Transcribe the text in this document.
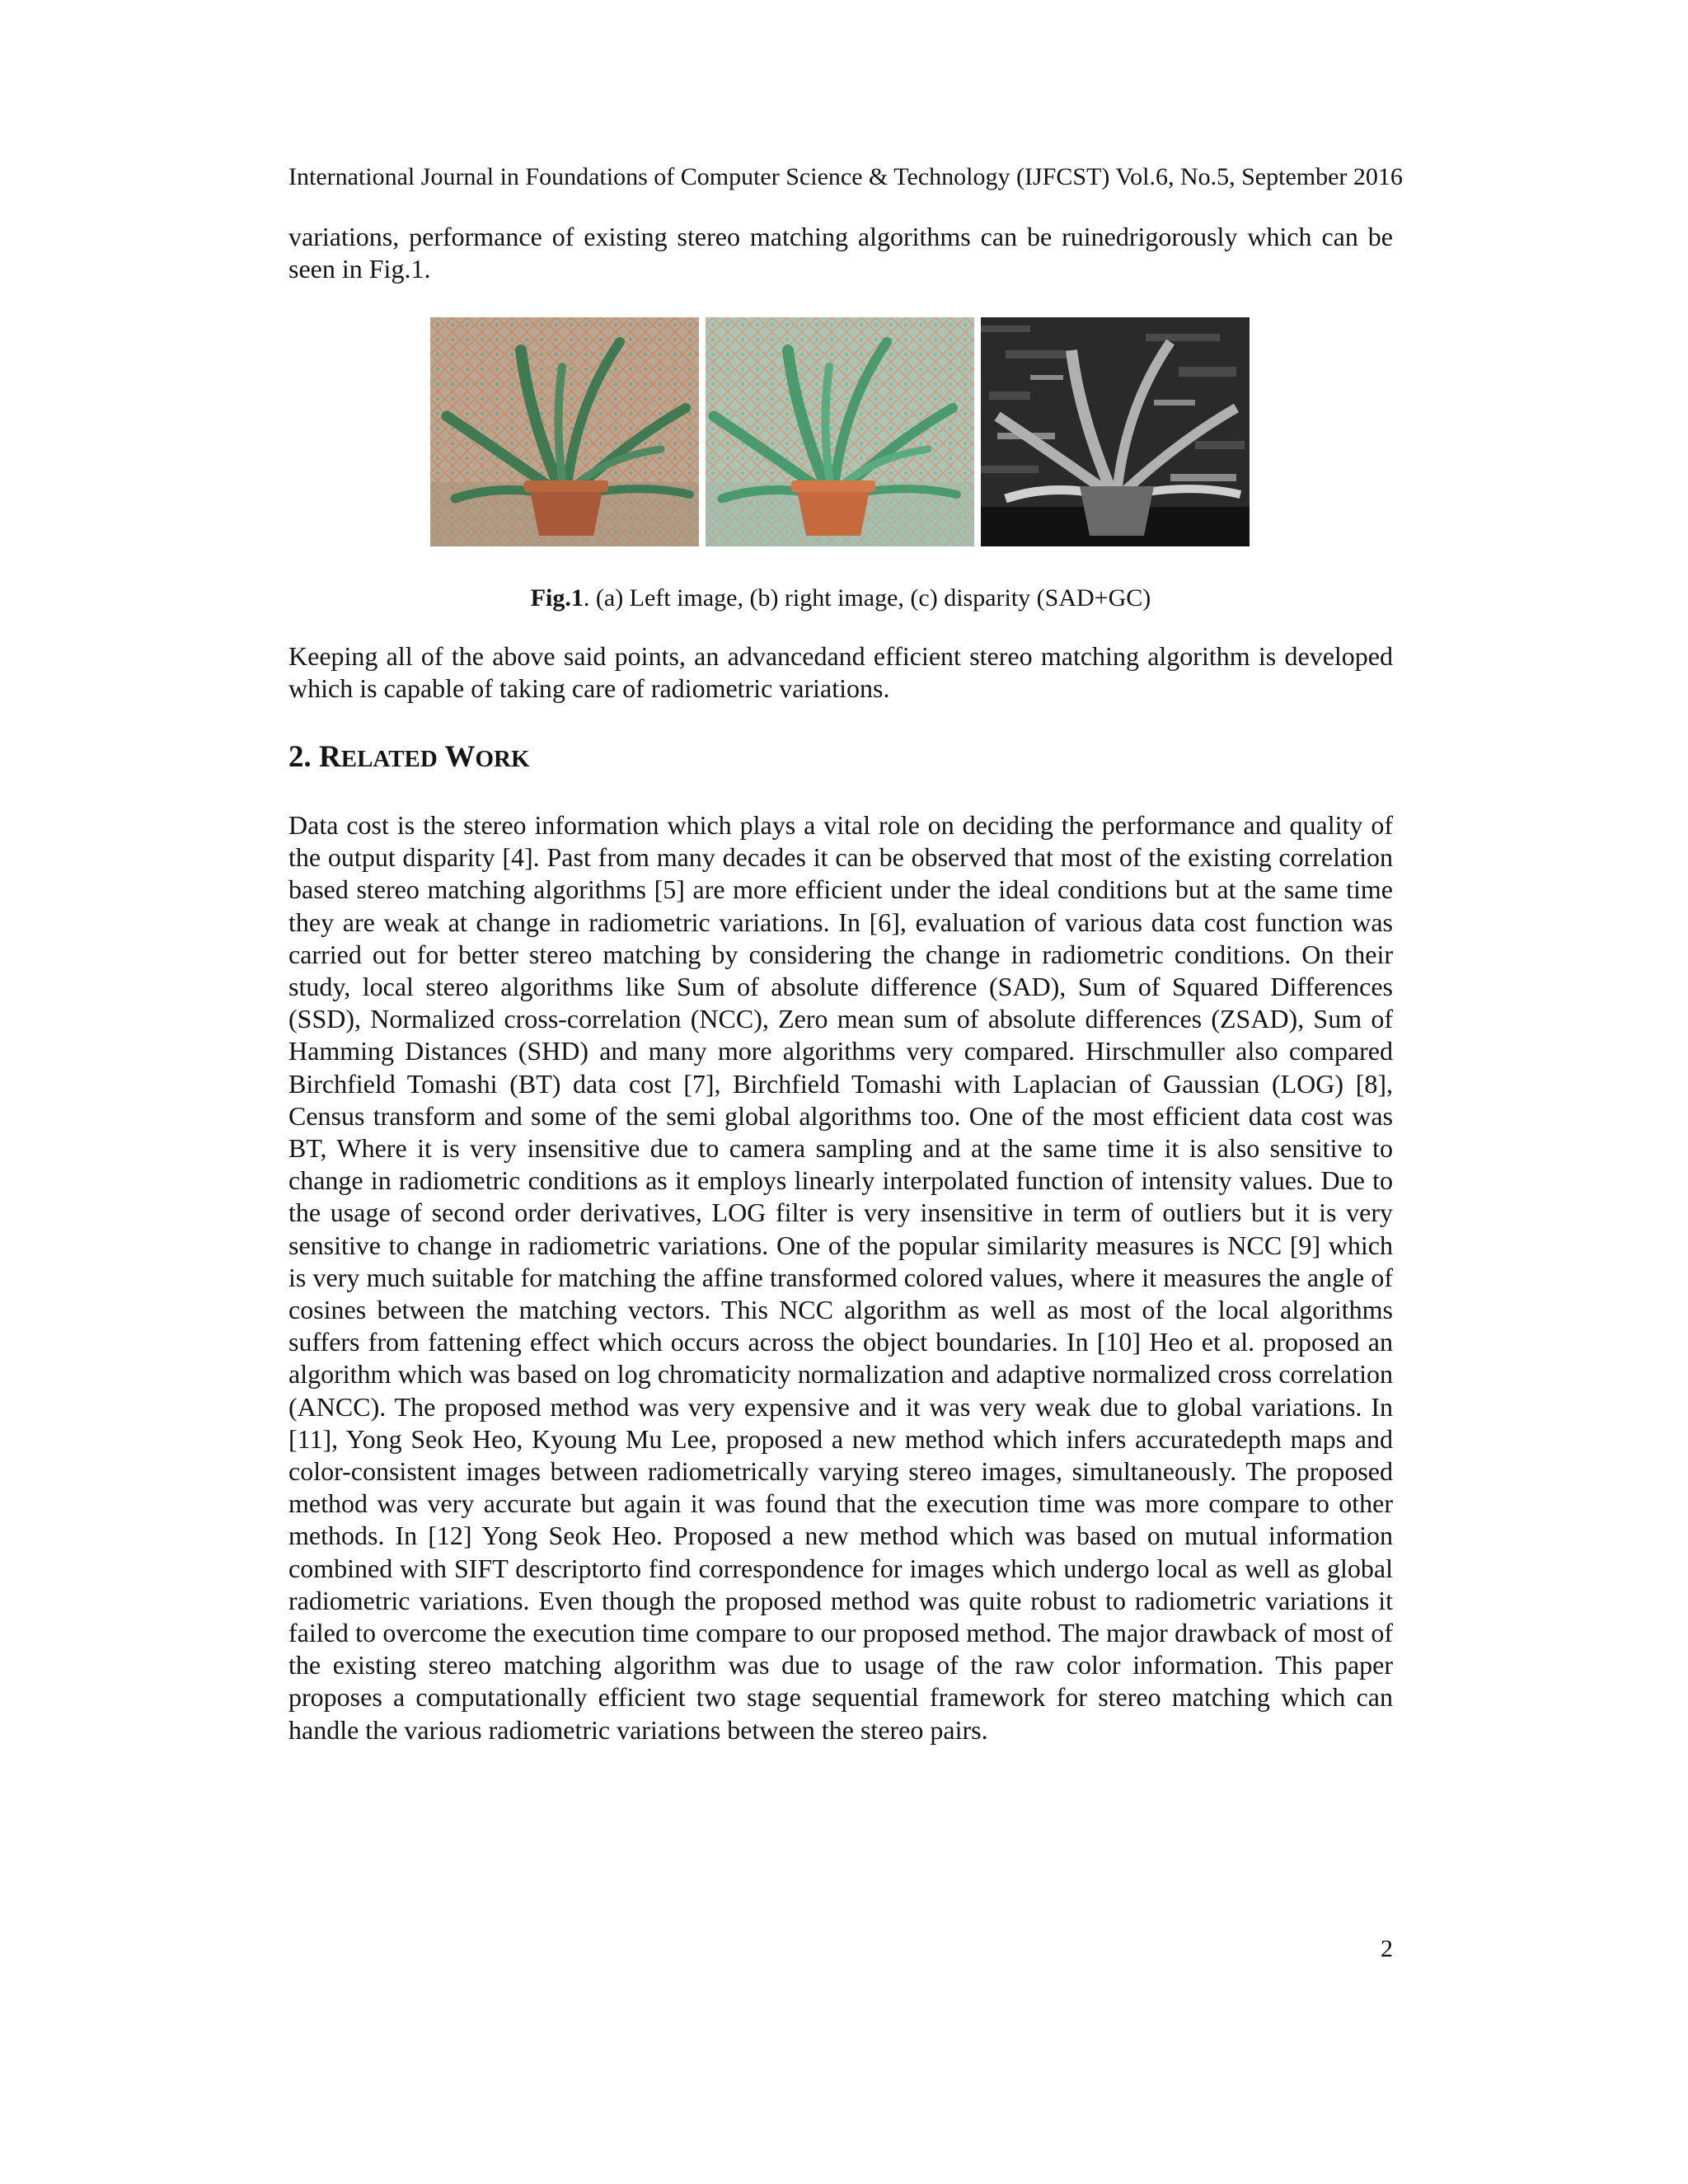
International Journal in Foundations of Computer Science & Technology (IJFCST) Vol.6, No.5, September 2016

variations, performance of existing stereo matching algorithms can be ruinedrigorously which can be seen in Fig.1.

Fig.1. (a) Left image, (b) right image, (c) disparity (SAD+GC)

Keeping all of the above said points, an advancedand efficient stereo matching algorithm is developed which is capable of taking care of radiometric variations.

2. RELATED WORK

Data cost is the stereo information which plays a vital role on deciding the performance and quality of the output disparity [4]. Past from many decades it can be observed that most of the existing correlation based stereo matching algorithms [5] are more efficient under the ideal conditions but at the same time they are weak at change in radiometric variations. In [6], evaluation of various data cost function was carried out for better stereo matching by considering the change in radiometric conditions. On their study, local stereo algorithms like Sum of absolute difference (SAD), Sum of Squared Differences (SSD), Normalized cross-correlation (NCC), Zero mean sum of absolute differences (ZSAD), Sum of Hamming Distances (SHD) and many more algorithms very compared. Hirschmuller also compared Birchfield Tomashi (BT) data cost [7], Birchfield Tomashi with Laplacian of Gaussian (LOG) [8], Census transform and some of the semi global algorithms too. One of the most efficient data cost was BT, Where it is very insensitive due to camera sampling and at the same time it is also sensitive to change in radiometric conditions as it employs linearly interpolated function of intensity values. Due to the usage of second order derivatives, LOG filter is very insensitive in term of outliers but it is very sensitive to change in radiometric variations. One of the popular similarity measures is NCC [9] which is very much suitable for matching the affine transformed colored values, where it measures the angle of cosines between the matching vectors. This NCC algorithm as well as most of the local algorithms suffers from fattening effect which occurs across the object boundaries. In [10] Heo et al. proposed an algorithm which was based on log chromaticity normalization and adaptive normalized cross correlation (ANCC). The proposed method was very expensive and it was very weak due to global variations. In [11], Yong Seok Heo, Kyoung Mu Lee, proposed a new method which infers accuratedepth maps and color-consistent images between radiometrically varying stereo images, simultaneously. The proposed method was very accurate but again it was found that the execution time was more compare to other methods. In [12] Yong Seok Heo. Proposed a new method which was based on mutual information combined with SIFT descriptorto find correspondence for images which undergo local as well as global radiometric variations. Even though the proposed method was quite robust to radiometric variations it failed to overcome the execution time compare to our proposed method. The major drawback of most of the existing stereo matching algorithm was due to usage of the raw color information. This paper proposes a computationally efficient two stage sequential framework for stereo matching which can handle the various radiometric variations between the stereo pairs.

2
